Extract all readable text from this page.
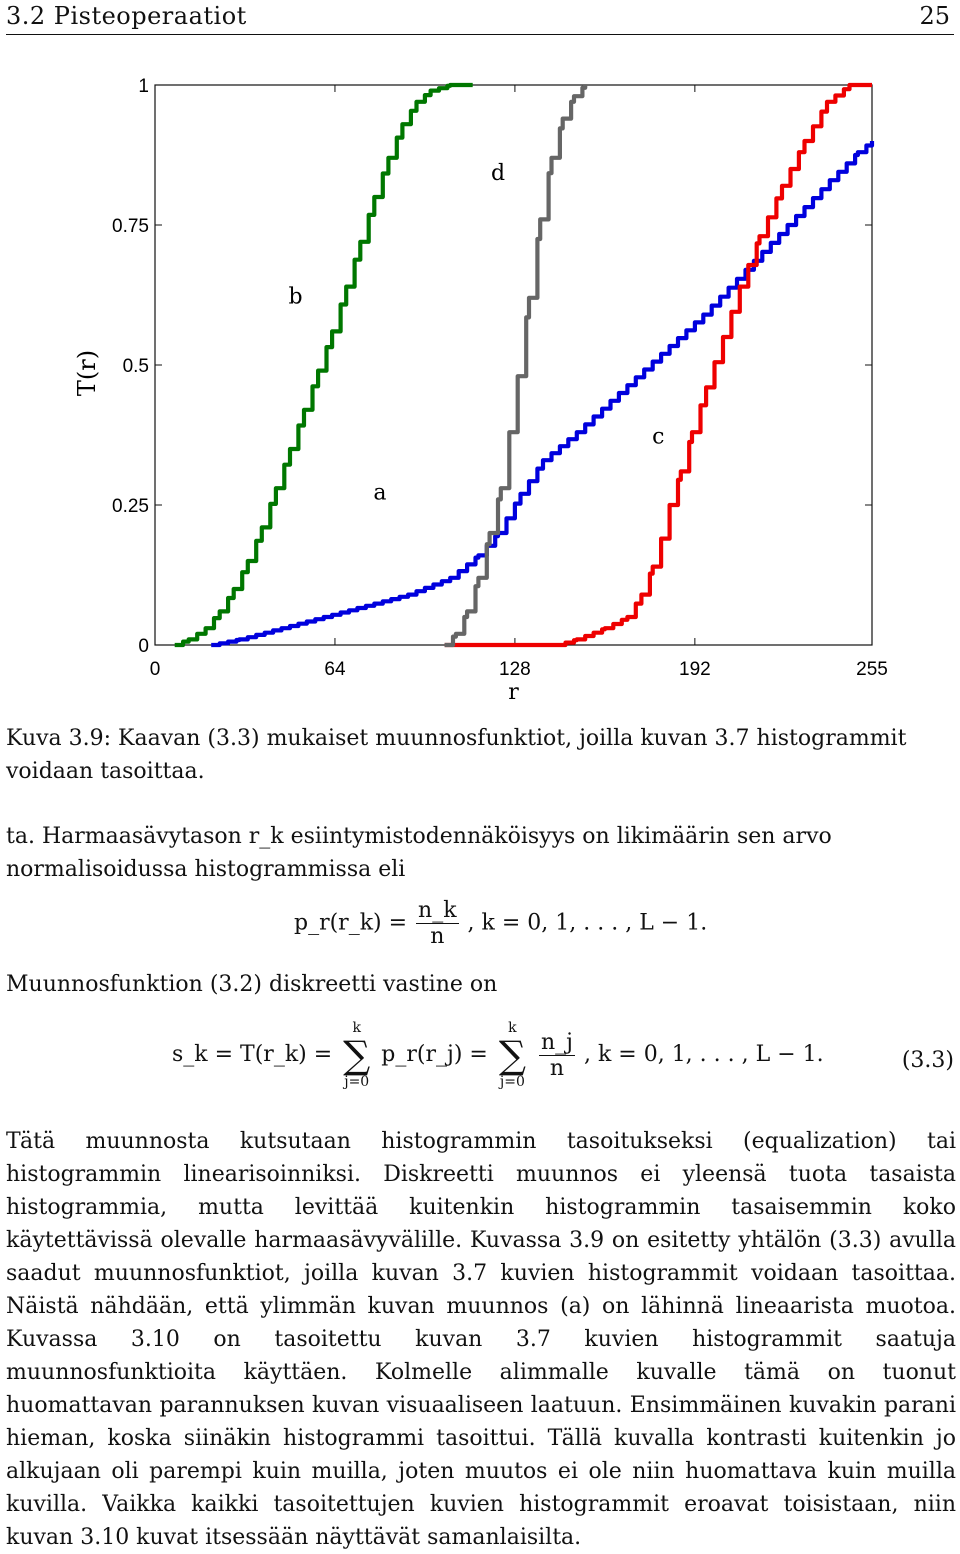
3.2 Pisteoperaatiot	25
0	64	128	192	255
0
0.25
0.5
0.75
1
r
T(r)
a
b
c
d
Kuva 3.9: Kaavan (3.3) mukaiset muunnosfunktiot, joilla kuvan 3.7 histogrammit voidaan tasoittaa.
ta. Harmaasävytason r_k esiintymistodennäköisyys on likimäärin sen arvo normalisoidussa histogrammissa eli
p_r(r_k) = $\frac{n\_k}{n}$ , k = 0, 1, . . . , L − 1.
Muunnosfunktion (3.2) diskreetti vastine on
s_k = T(r_k) = k
∑
j=0 p_r(r_j) = k
∑
j=0
$\frac{n\_j}{n}$ , k = 0, 1, . . . , L − 1.	(3.3)
Tätä muunnosta kutsutaan histogrammin tasoitukseksi (equalization) tai histogrammin linearisoinniksi. Diskreetti muunnos ei yleensä tuota tasaista histogrammia, mutta levittää kuitenkin histogrammin tasaisemmin koko käytettävissä olevalle harmaasävyvälille. Kuvassa 3.9 on esitetty yhtälön (3.3) avulla saadut muunnosfunktiot, joilla kuvan 3.7 kuvien histogrammit voidaan tasoittaa. Näistä nähdään, että ylimmän kuvan muunnos (a) on lähinnä lineaarista muotoa. Kuvassa 3.10 on tasoitettu kuvan 3.7 kuvien histogrammit saatuja muunnosfunktioita käyttäen. Kolmelle alimmalle kuvalle tämä on tuonut huomattavan parannuksen kuvan visuaaliseen laatuun. Ensimmäinen kuvakin parani hieman, koska siinäkin histogrammi tasoittui. Tällä kuvalla kontrasti kuitenkin jo alkujaan oli parempi kuin muilla, joten muutos ei ole niin huomattava kuin muilla kuvilla. Vaikka kaikki tasoitettujen kuvien histogrammit eroavat toisistaan, niin kuvan 3.10 kuvat itsessään näyttävät samanlaisilta.
